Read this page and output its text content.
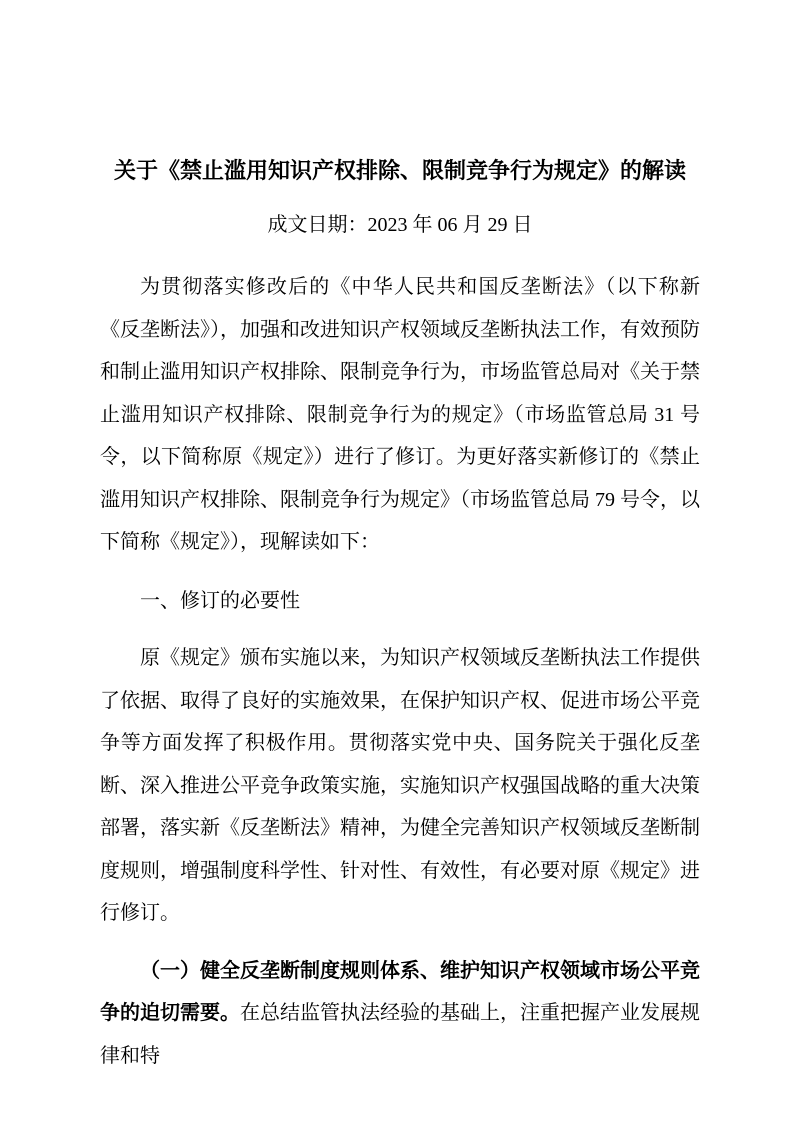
关于《禁止滥用知识产权排除、限制竞争行为规定》的解读

成文日期：2023 年 06 月 29 日

为贯彻落实修改后的《中华人民共和国反垄断法》（以下称新《反垄断法》），加强和改进知识产权领域反垄断执法工作，有效预防和制止滥用知识产权排除、限制竞争行为，市场监管总局对《关于禁止滥用知识产权排除、限制竞争行为的规定》（市场监管总局 31 号令，以下简称原《规定》）进行了修订。为更好落实新修订的《禁止滥用知识产权排除、限制竞争行为规定》（市场监管总局 79 号令，以下简称《规定》），现解读如下：

一、修订的必要性

原《规定》颁布实施以来，为知识产权领域反垄断执法工作提供了依据、取得了良好的实施效果，在保护知识产权、促进市场公平竞争等方面发挥了积极作用。贯彻落实党中央、国务院关于强化反垄断、深入推进公平竞争政策实施，实施知识产权强国战略的重大决策部署，落实新《反垄断法》精神，为健全完善知识产权领域反垄断制度规则，增强制度科学性、针对性、有效性，有必要对原《规定》进行修订。

（一）健全反垄断制度规则体系、维护知识产权领域市场公平竞争的迫切需要。在总结监管执法经验的基础上，注重把握产业发展规律和特
